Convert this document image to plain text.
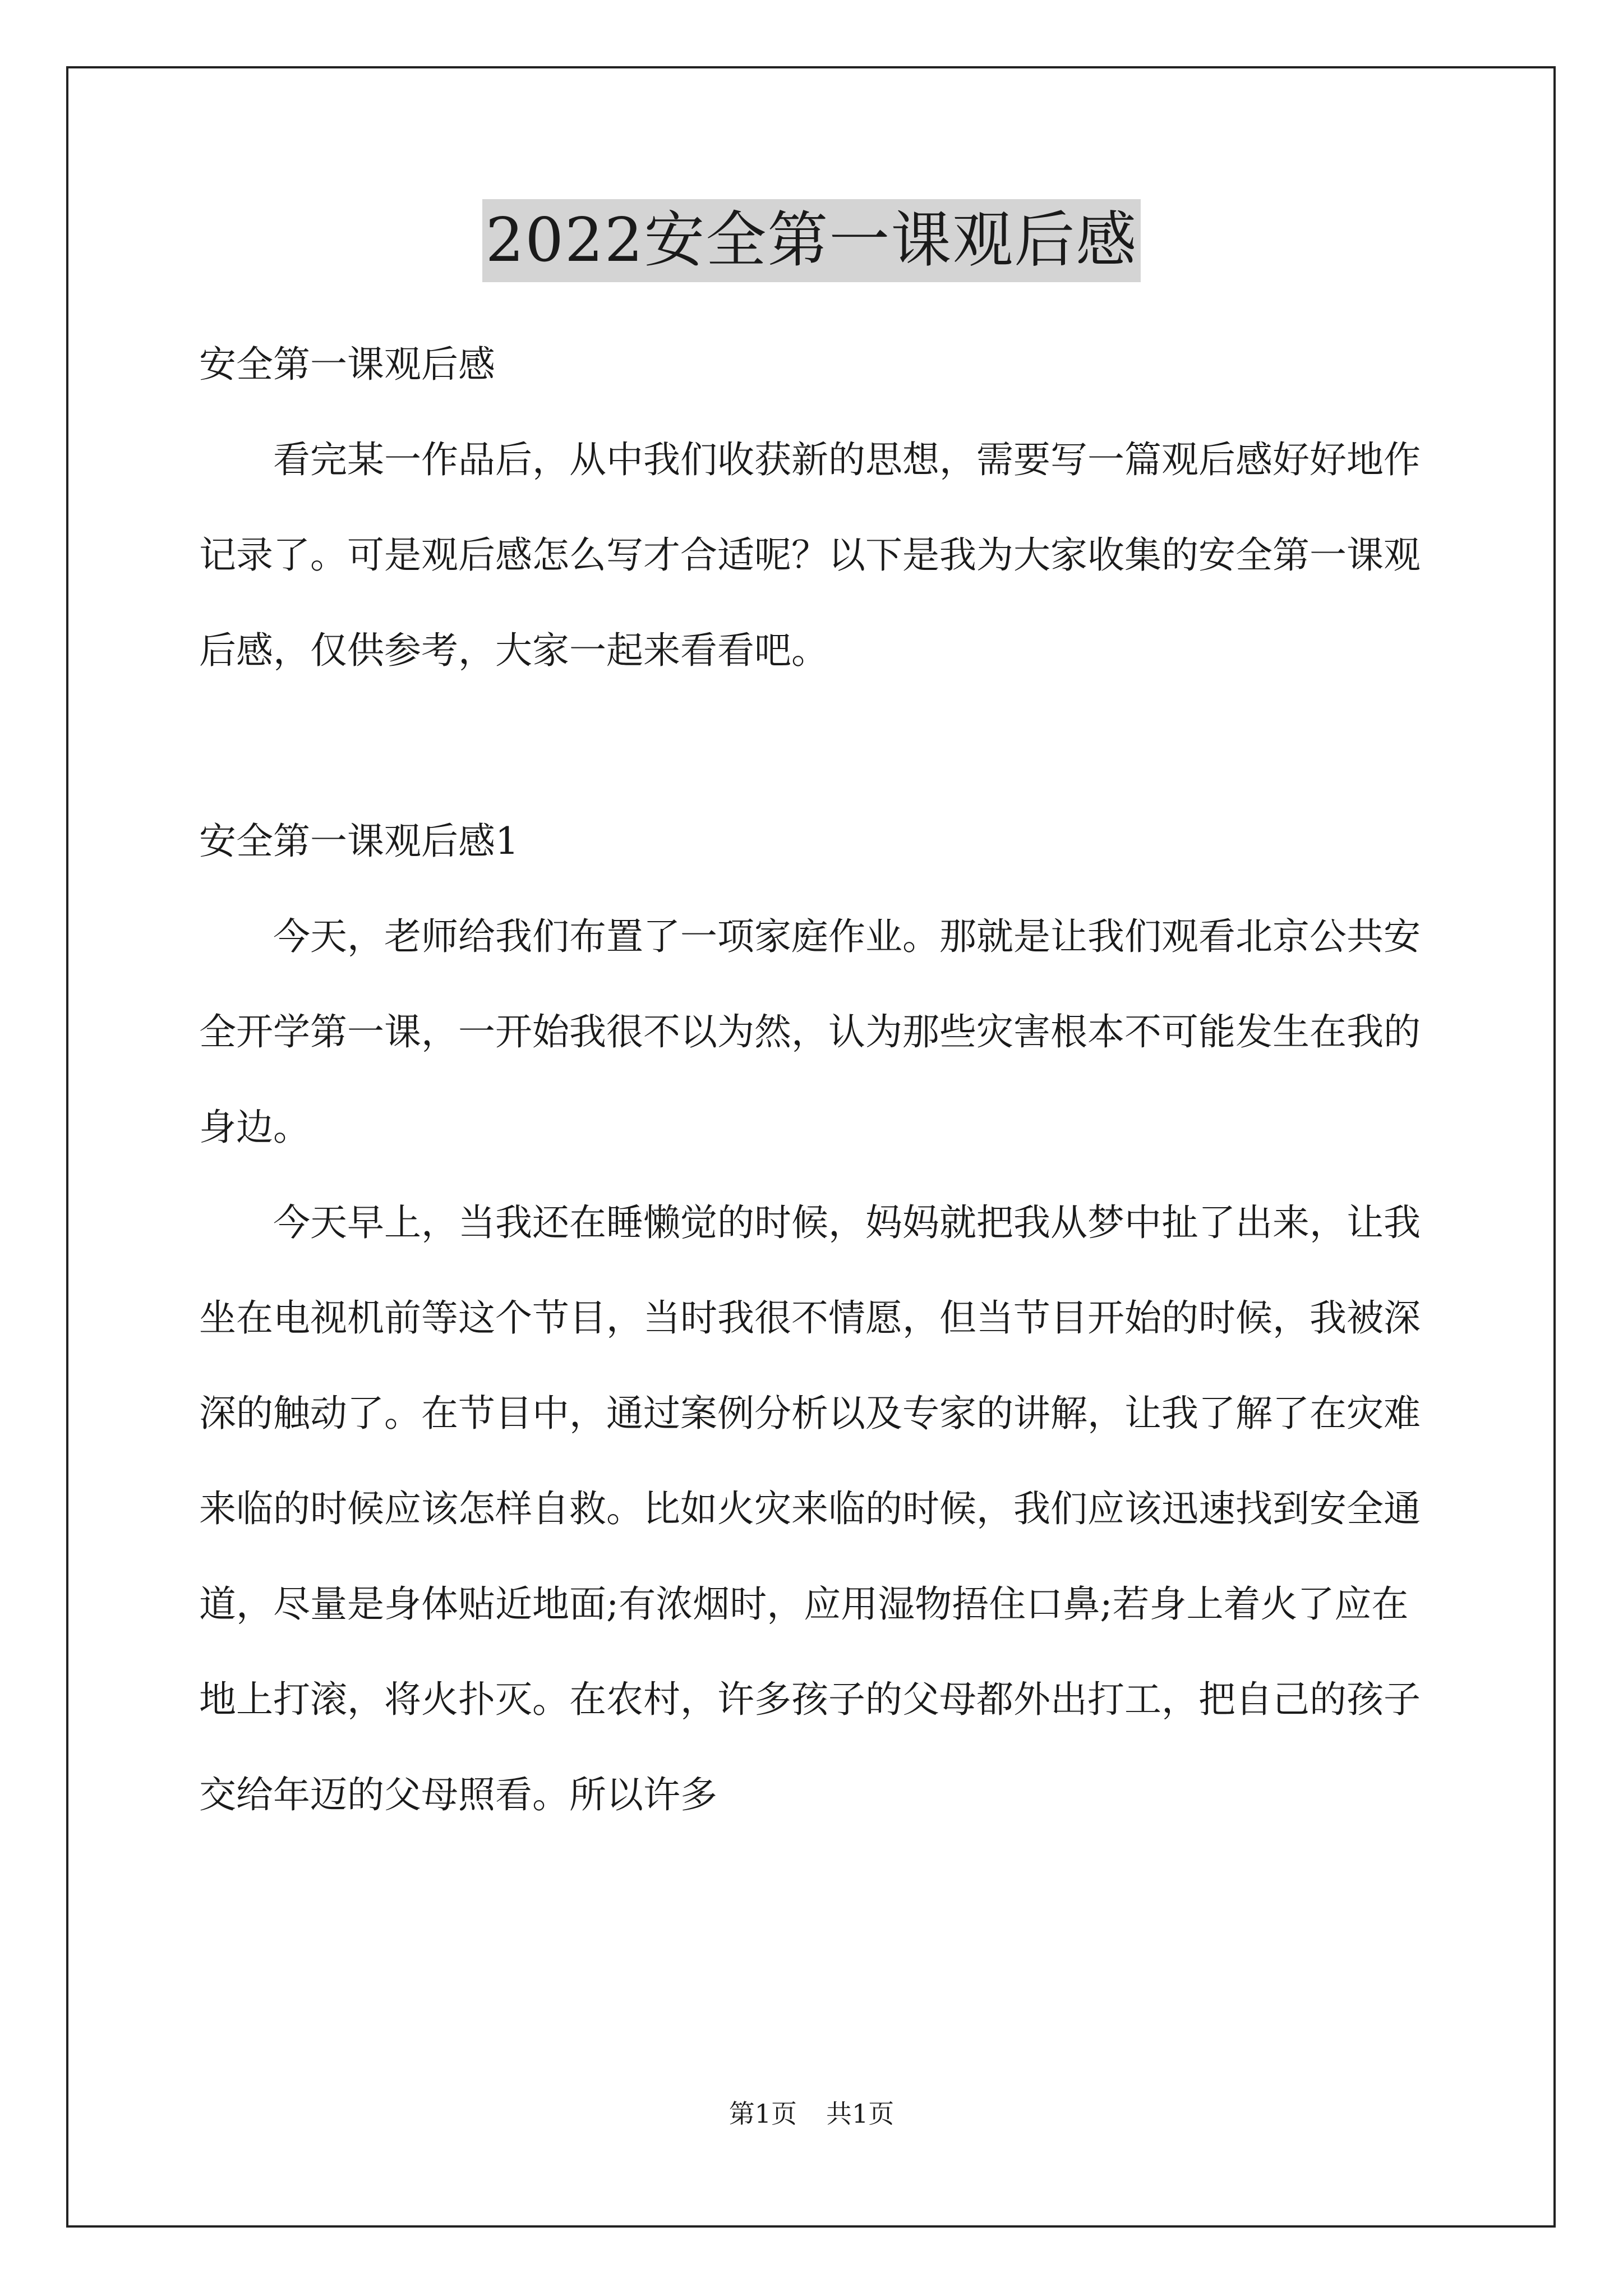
2022安全第一课观后感

安全第一课观后感

看完某一作品后，从中我们收获新的思想，需要写一篇观后感好好地作记录了。可是观后感怎么写才合适呢？以下是我为大家收集的安全第一课观后感，仅供参考，大家一起来看看吧。

安全第一课观后感1

今天，老师给我们布置了一项家庭作业。那就是让我们观看北京公共安全开学第一课，一开始我很不以为然，认为那些灾害根本不可能发生在我的身边。

今天早上，当我还在睡懒觉的时候，妈妈就把我从梦中扯了出来，让我坐在电视机前等这个节目，当时我很不情愿，但当节目开始的时候，我被深深的触动了。在节目中，通过案例分析以及专家的讲解，让我了解了在灾难来临的时候应该怎样自救。比如火灾来临的时候，我们应该迅速找到安全通道，尽量是身体贴近地面;有浓烟时，应用湿物捂住口鼻;若身上着火了应在地上打滚，将火扑灭。在农村，许多孩子的父母都外出打工，把自己的孩子交给年迈的父母照看。所以许多

第1页 共1页
